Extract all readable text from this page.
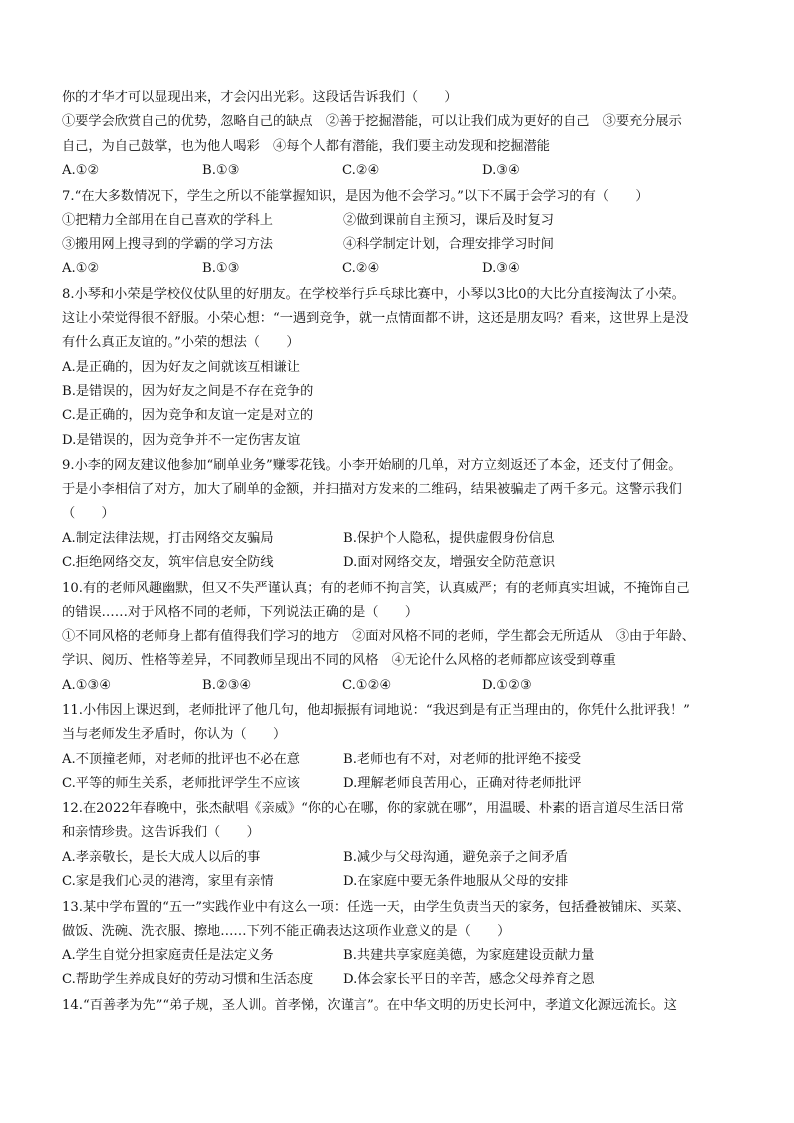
你的才华才可以显现出来，才会闪出光彩。这段话告诉我们（　　）
①要学会欣赏自己的优势，忽略自己的缺点　②善于挖掘潜能，可以让我们成为更好的自己　③要充分展示
自己，为自己鼓掌，也为他人喝彩　④每个人都有潜能，我们要主动发现和挖掘潜能
A.①②	B.①③	C.②④	D.③④
7.“在大多数情况下，学生之所以不能掌握知识，是因为他不会学习。”以下不属于会学习的有（　　）
①把精力全部用在自己喜欢的学科上	②做到课前自主预习，课后及时复习
③搬用网上搜寻到的学霸的学习方法	④科学制定计划，合理安排学习时间
A.①②	B.①③	C.②④	D.③④
8.小琴和小荣是学校仪仗队里的好朋友。在学校举行乒乓球比赛中，小琴以3比0的大比分直接淘汰了小荣。
这让小荣觉得很不舒服。小荣心想：“一遇到竞争，就一点情面都不讲，这还是朋友吗？看来，这世界上是没
有什么真正友谊的。”小荣的想法（　　）
A.是正确的，因为好友之间就该互相谦让
B.是错误的，因为好友之间是不存在竞争的
C.是正确的，因为竞争和友谊一定是对立的
D.是错误的，因为竞争并不一定伤害友谊
9.小李的网友建议他参加“刷单业务”赚零花钱。小李开始刷的几单，对方立刻返还了本金，还支付了佣金。
于是小李相信了对方，加大了刷单的金额，并扫描对方发来的二维码，结果被骗走了两千多元。这警示我们
（　　）
A.制定法律法规，打击网络交友骗局	B.保护个人隐私，提供虚假身份信息
C.拒绝网络交友，筑牢信息安全防线	D.面对网络交友，增强安全防范意识
10.有的老师风趣幽默，但又不失严谨认真；有的老师不拘言笑，认真威严；有的老师真实坦诚，不掩饰自己
的错误……对于风格不同的老师，下列说法正确的是（　　）
①不同风格的老师身上都有值得我们学习的地方　②面对风格不同的老师，学生都会无所适从　③由于年龄、
学识、阅历、性格等差异，不同教师呈现出不同的风格　④无论什么风格的老师都应该受到尊重
A.①③④	B.②③④	C.①②④	D.①②③
11.小伟因上课迟到，老师批评了他几句，他却振振有词地说：“我迟到是有正当理由的，你凭什么批评我！”
当与老师发生矛盾时，你认为（　　）
A.不顶撞老师，对老师的批评也不必在意	B.老师也有不对，对老师的批评绝不接受
C.平等的师生关系，老师批评学生不应该	D.理解老师良苦用心，正确对待老师批评
12.在2022年春晚中，张杰献唱《亲威》“你的心在哪，你的家就在哪”，用温暖、朴素的语言道尽生活日常
和亲情珍贵。这告诉我们（　　）
A.孝亲敬长，是长大成人以后的事	B.减少与父母沟通，避免亲子之间矛盾
C.家是我们心灵的港湾，家里有亲情	D.在家庭中要无条件地服从父母的安排
13.某中学布置的“五一”实践作业中有这么一项：任选一天，由学生负责当天的家务，包括叠被铺床、买菜、
做饭、洗碗、洗衣服、擦地……下列不能正确表达这项作业意义的是（　　）
A.学生自觉分担家庭责任是法定义务	B.共建共享家庭美德，为家庭建设贡献力量
C.帮助学生养成良好的劳动习惯和生活态度 D.体会家长平日的辛苦，感念父母养育之恩
14.“百善孝为先”“弟子规，圣人训。首孝悌，次谨言”。在中华文明的历史长河中，孝道文化源远流长。这
